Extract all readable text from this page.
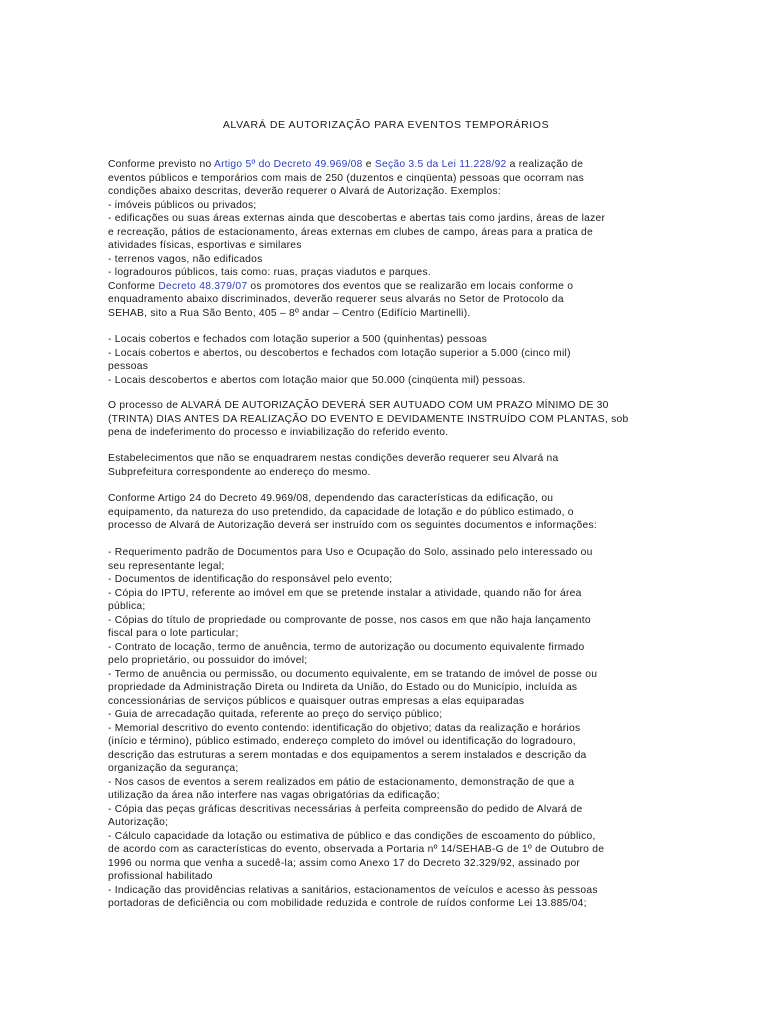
ALVARÁ DE AUTORIZAÇÃO PARA EVENTOS TEMPORÁRIOS
Conforme previsto no Artigo 5º do Decreto 49.969/08 e Seção 3.5 da Lei 11.228/92 a realização de
eventos públicos e temporários com mais de 250 (duzentos e cinqüenta) pessoas que ocorram nas
condições abaixo descritas, deverão requerer o Alvará de Autorização. Exemplos:
- imóveis públicos ou privados;
- edificações ou suas áreas externas ainda que descobertas e abertas tais como jardins, áreas de lazer
e recreação, pátios de estacionamento, áreas externas em clubes de campo, áreas para a pratica de
atividades físicas, esportivas e similares
- terrenos vagos, não edificados
- logradouros públicos, tais como: ruas, praças viadutos e parques.
Conforme Decreto 48.379/07 os promotores dos eventos que se realizarão em locais conforme o
enquadramento abaixo discriminados, deverão requerer seus alvarás no Setor de Protocolo da
SEHAB, sito a Rua São Bento, 405 – 8º andar – Centro (Edifício Martinelli).
- Locais cobertos e fechados com lotação superior a 500 (quinhentas) pessoas
- Locais cobertos e abertos, ou descobertos e fechados com lotação superior a 5.000 (cinco mil)
pessoas
- Locais descobertos e abertos com lotação maior que 50.000 (cinqüenta mil) pessoas.
O processo de ALVARÁ DE AUTORIZAÇÃO DEVERÁ SER AUTUADO COM UM PRAZO MÍNIMO DE 30
(TRINTA) DIAS ANTES DA REALIZAÇÃO DO EVENTO E DEVIDAMENTE INSTRUÍDO COM PLANTAS, sob
pena de indeferimento do processo e inviabilização do referido evento.
Estabelecimentos que não se enquadrarem nestas condições deverão requerer seu Alvará na
Subprefeitura correspondente ao endereço do mesmo.
Conforme Artigo 24 do Decreto 49.969/08, dependendo das características da edificação, ou
equipamento, da natureza do uso pretendido, da capacidade de lotação e do público estimado, o
processo de Alvará de Autorização deverá ser instruído com os seguintes documentos e informações:
- Requerimento padrão de Documentos para Uso e Ocupação do Solo, assinado pelo interessado ou
seu representante legal;
- Documentos de identificação do responsável pelo evento;
- Cópia do IPTU, referente ao imóvel em que se pretende instalar a atividade, quando não for área
pública;
- Cópias do título de propriedade ou comprovante de posse, nos casos em que não haja lançamento
fiscal para o lote particular;
- Contrato de locação, termo de anuência, termo de autorização ou documento equivalente firmado
pelo proprietário, ou possuidor do imóvel;
- Termo de anuência ou permissão, ou documento equivalente, em se tratando de imóvel de posse ou
propriedade da Administração Direta ou Indireta da União, do Estado ou do Município, incluída as
concessionárias de serviços públicos e quaisquer outras empresas a elas equiparadas
- Guia de arrecadação quitada, referente ao preço do serviço público;
- Memorial descritivo do evento contendo: identificação do objetivo; datas da realização e horários
(início e término), público estimado, endereço completo do imóvel ou identificação do logradouro,
descrição das estruturas a serem montadas e dos equipamentos a serem instalados e descrição da
organização da segurança;
- Nos casos de eventos a serem realizados em pátio de estacionamento, demonstração de que a
utilização da área não interfere nas vagas obrigatórias da edificação;
- Cópia das peças gráficas descritivas necessárias à perfeita compreensão do pedido de Alvará de
Autorização;
- Cálculo capacidade da lotação ou estimativa de público e das condições de escoamento do público,
de acordo com as características do evento, observada a Portaria nº 14/SEHAB-G de 1º de Outubro de
1996 ou norma que venha a sucedê-la; assim como Anexo 17 do Decreto 32.329/92, assinado por
profissional habilitado
- Indicação das providências relativas a sanitários, estacionamentos de veículos e acesso às pessoas
portadoras de deficiência ou com mobilidade reduzida e controle de ruídos conforme Lei 13.885/04;
